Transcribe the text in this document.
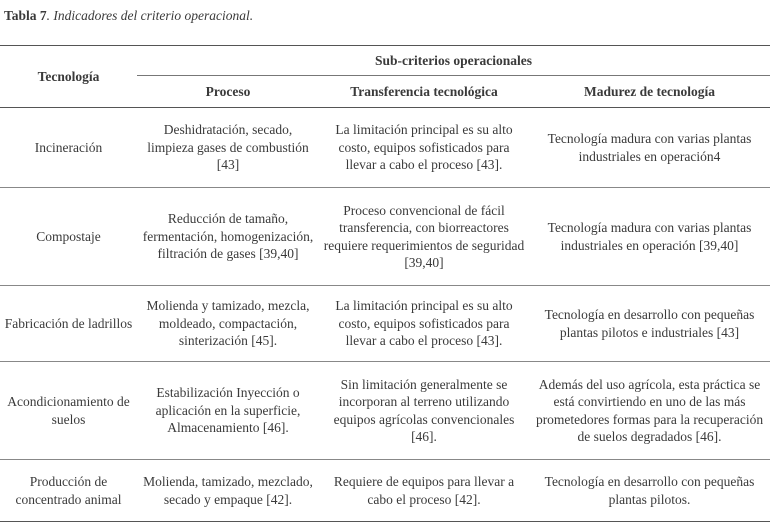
Tabla 7. Indicadores del criterio operacional.
Tecnología	Sub-criterios operacionales		
	Proceso	Transferencia tecnológica	Madurez de tecnología
Incineración	Deshidratación, secado, limpieza gases de combustión [43]	La limitación principal es su alto costo, equipos sofisticados para llevar a cabo el proceso [43].	Tecnología madura con varias plantas industriales en operación4
Compostaje	Reducción de tamaño, fermentación, homogenización, filtración de gases [39,40]	Proceso convencional de fácil transferencia, con biorreactores requiere requerimientos de seguridad [39,40]	Tecnología madura con varias plantas industriales en operación [39,40]
Fabricación de ladrillos	Molienda y tamizado, mezcla, moldeado, compactación, sinterización [45].	La limitación principal es su alto costo, equipos sofisticados para llevar a cabo el proceso [43].	Tecnología en desarrollo con pequeñas plantas pilotos e industriales [43]
Acondicionamiento de suelos	Estabilización Inyección o aplicación en la superficie, Almacenamiento [46].	Sin limitación generalmente se incorporan al terreno utilizando equipos agrícolas convencionales [46].	Además del uso agrícola, esta práctica se está convirtiendo en uno de las más prometedores formas para la recuperación de suelos degradados [46].
Producción de concentrado animal	Molienda, tamizado, mezclado, secado y empaque [42].	Requiere de equipos para llevar a cabo el proceso [42].	Tecnología en desarrollo con pequeñas plantas pilotos.
